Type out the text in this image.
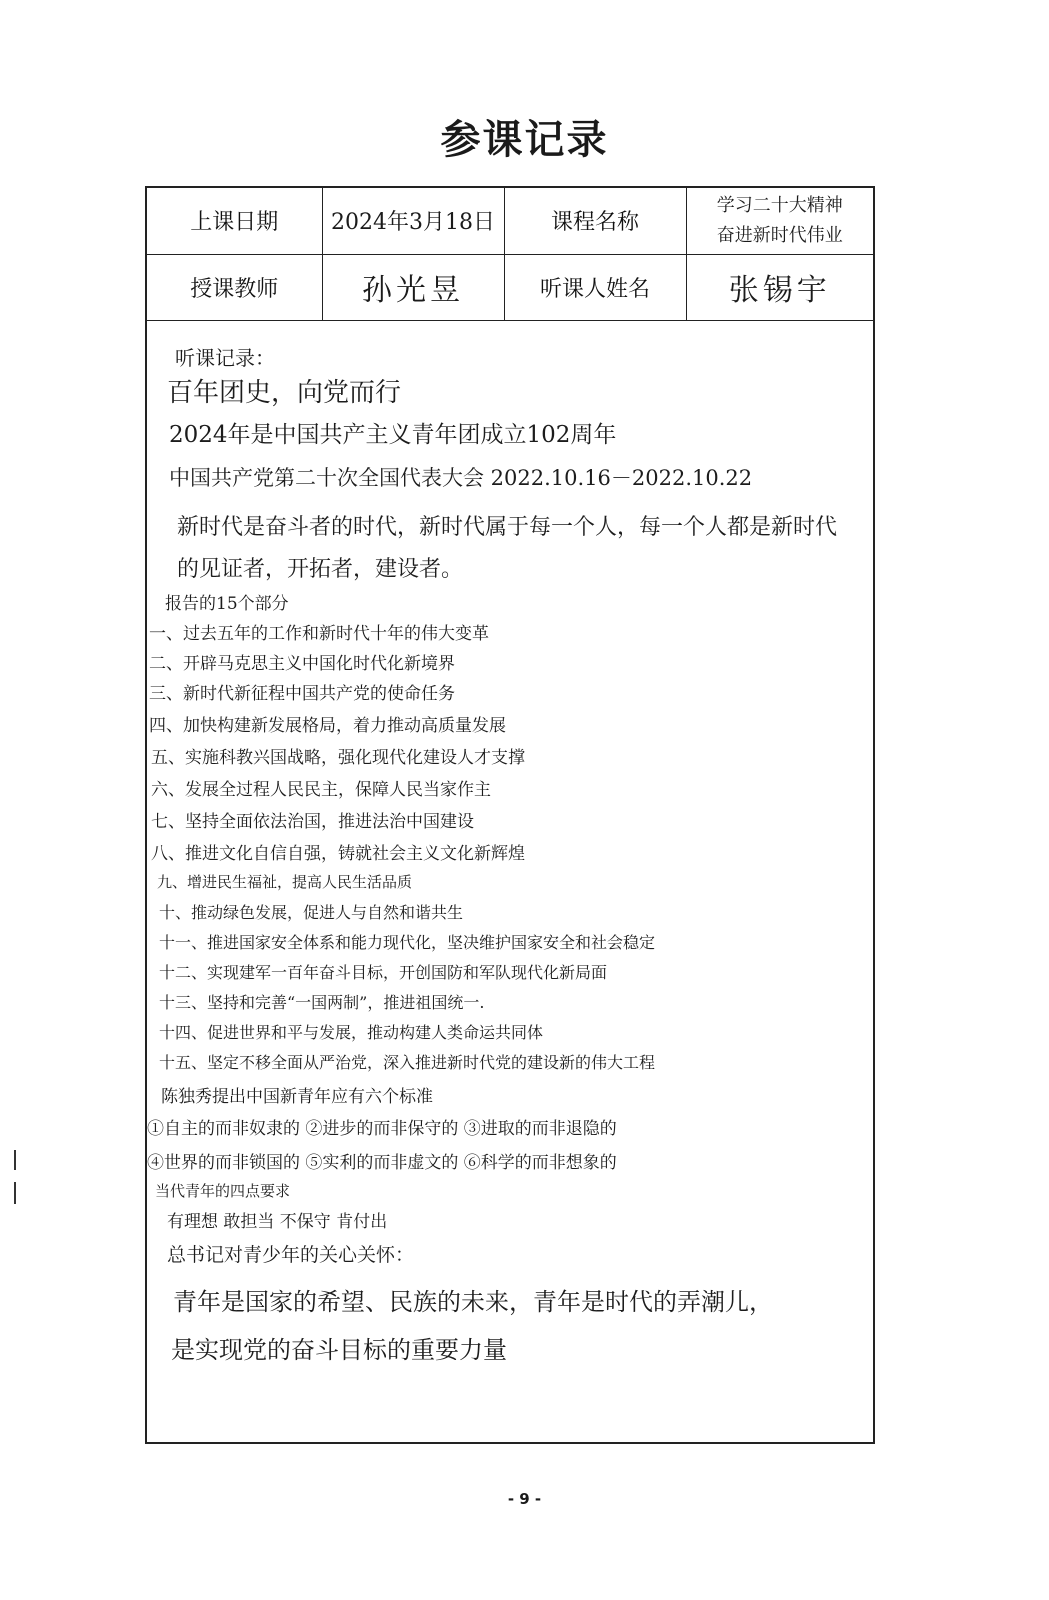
参课记录
上课日期	2024年3月18日	课程名称	学习二十大精神
奋进新时代伟业

授课教师	孙光昱	听课人姓名	张锡宇
听课记录：
百年团史，向党而行
2024年是中国共产主义青年团成立102周年
中国共产党第二十次全国代表大会 2022.10.16－2022.10.22
新时代是奋斗者的时代，新时代属于每一个人，每一个人都是新时代
的见证者，开拓者，建设者。
报告的15个部分
一、过去五年的工作和新时代十年的伟大变革
二、开辟马克思主义中国化时代化新境界
三、新时代新征程中国共产党的使命任务
四、加快构建新发展格局，着力推动高质量发展
五、实施科教兴国战略，强化现代化建设人才支撑
六、发展全过程人民民主，保障人民当家作主
七、坚持全面依法治国，推进法治中国建设
八、推进文化自信自强，铸就社会主义文化新辉煌
九、增进民生福祉，提高人民生活品质
十、推动绿色发展，促进人与自然和谐共生
十一、推进国家安全体系和能力现代化，坚决维护国家安全和社会稳定
十二、实现建军一百年奋斗目标，开创国防和军队现代化新局面
十三、坚持和完善“一国两制”，推进祖国统一.
十四、促进世界和平与发展，推动构建人类命运共同体
十五、坚定不移全面从严治党，深入推进新时代党的建设新的伟大工程
陈独秀提出中国新青年应有六个标准
①自主的而非奴隶的 ②进步的而非保守的 ③进取的而非退隐的
④世界的而非锁国的 ⑤实利的而非虚文的 ⑥科学的而非想象的
当代青年的四点要求
有理想 敢担当 不保守 肯付出
总书记对青少年的关心关怀：
青年是国家的希望、民族的未来，青年是时代的弄潮儿，
是实现党的奋斗目标的重要力量
- 9 -
